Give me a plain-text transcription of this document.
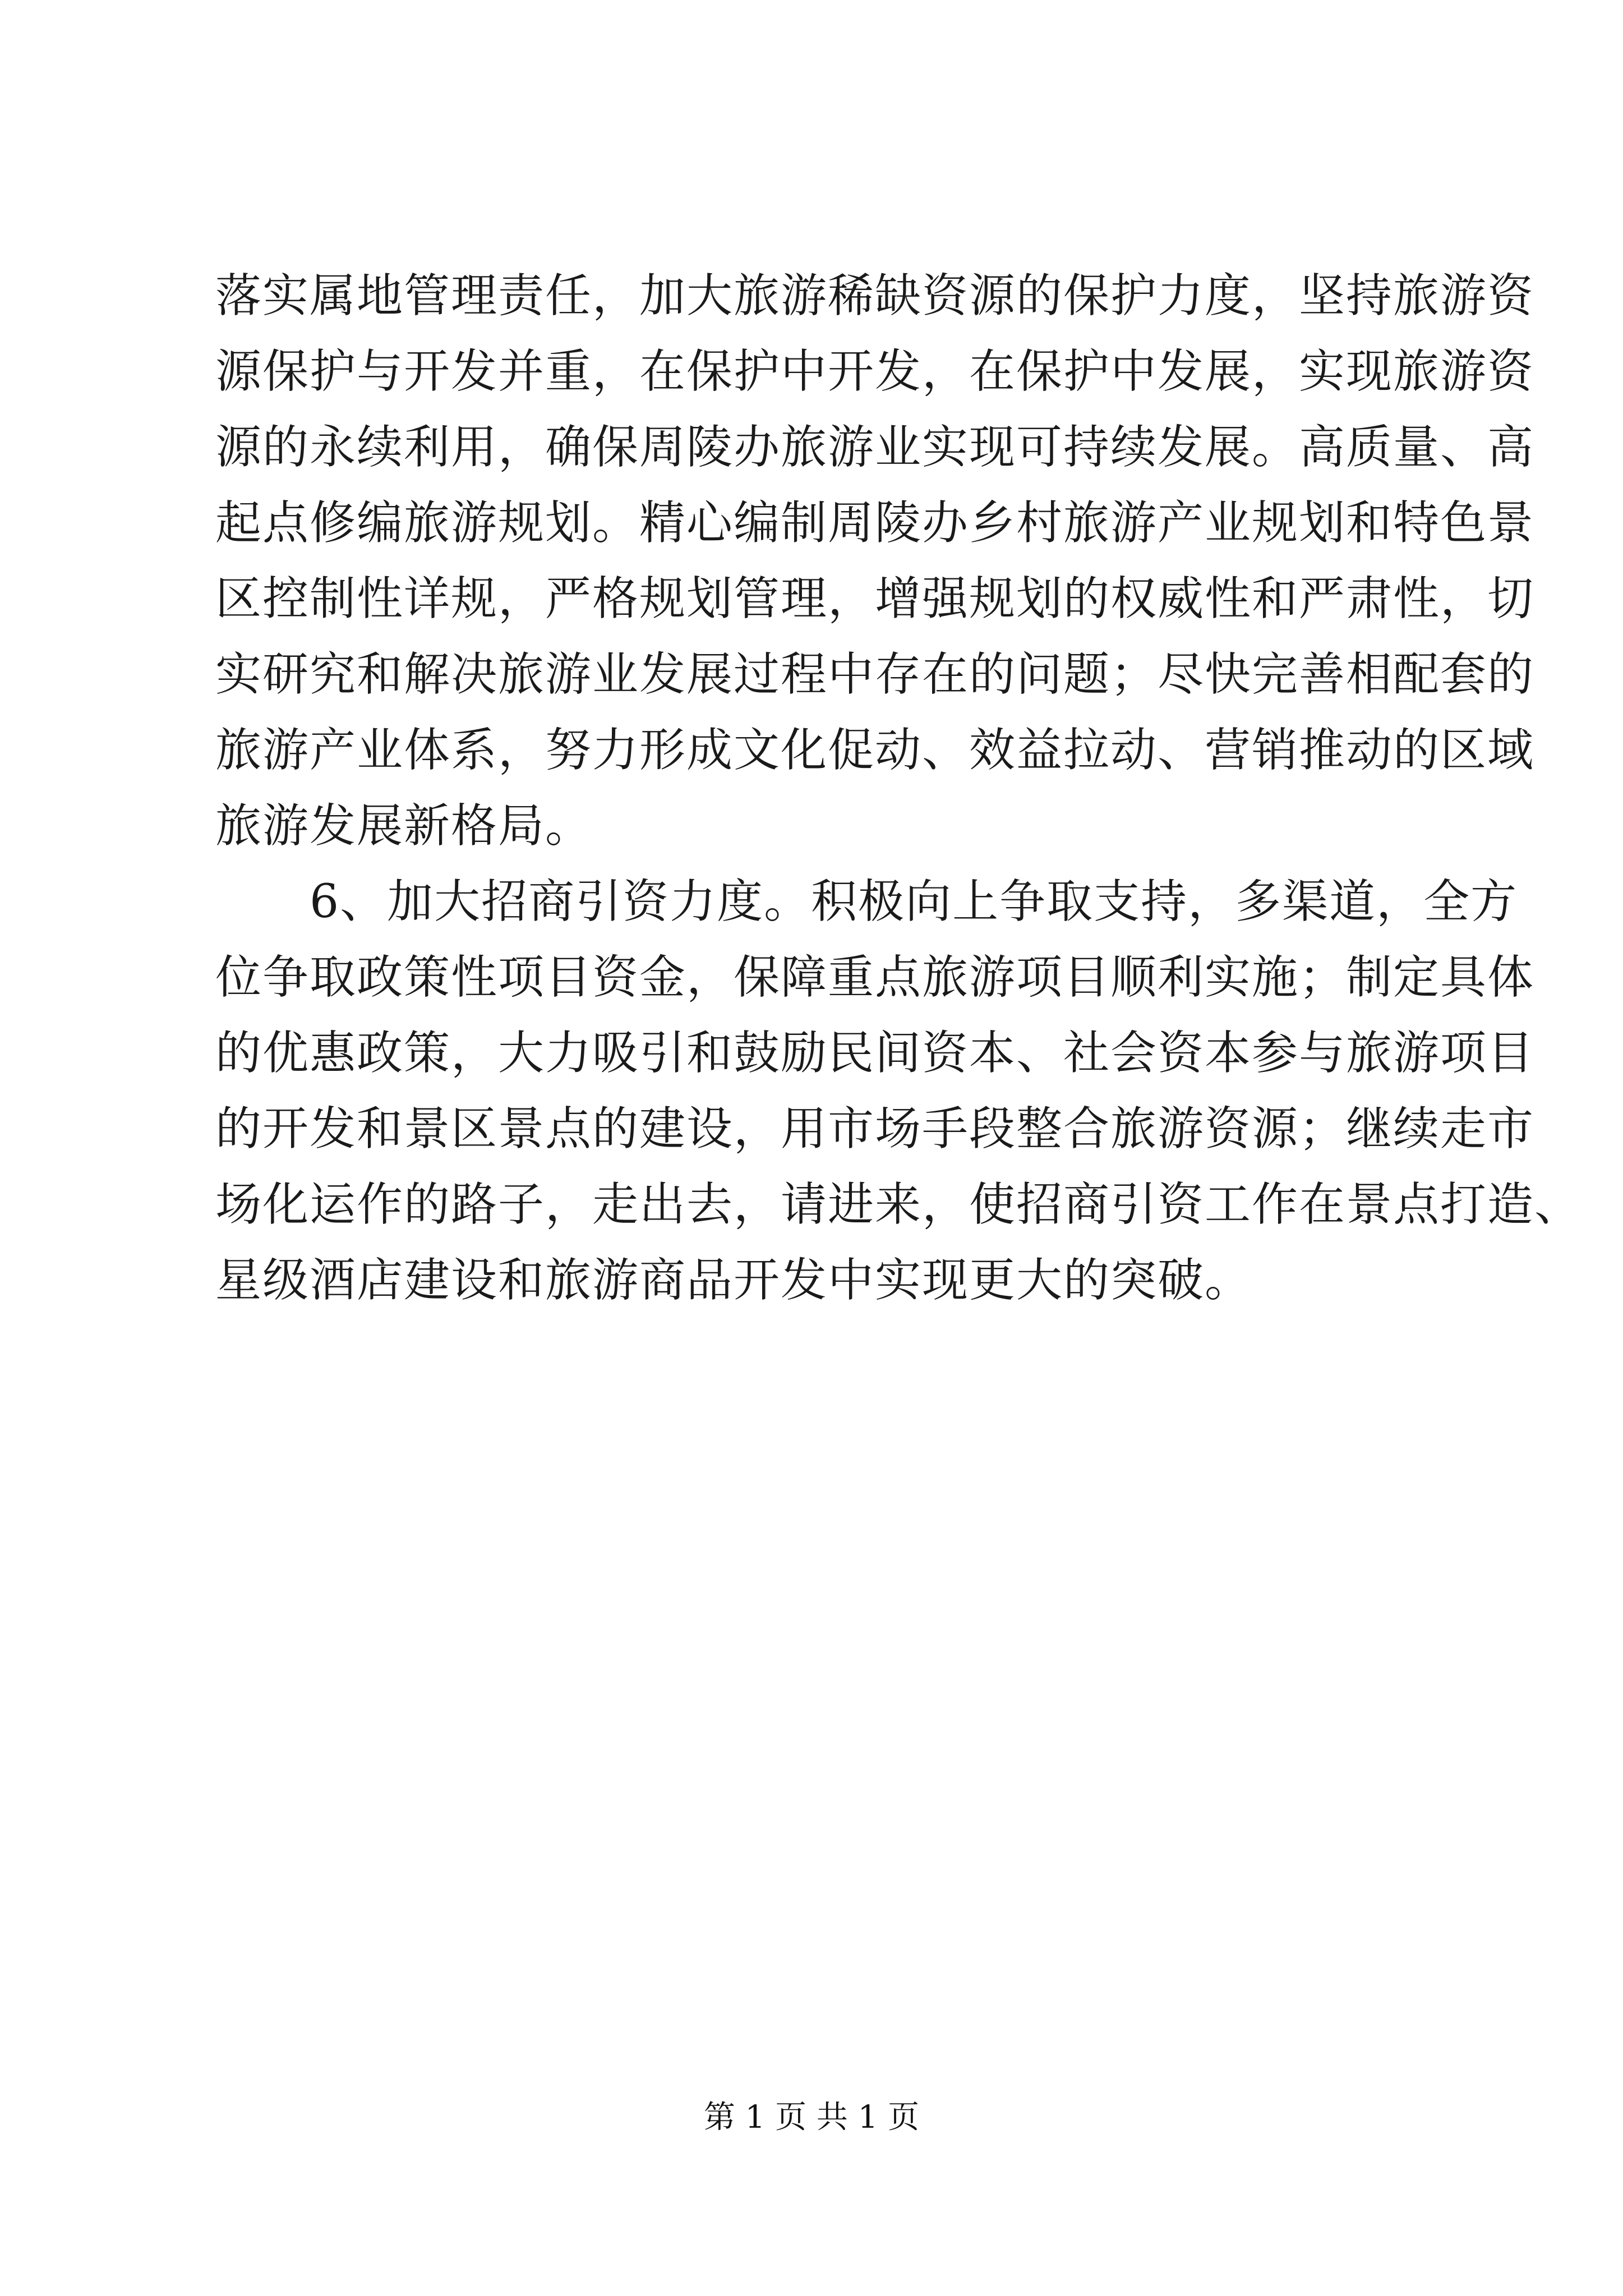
落实属地管理责任，加大旅游稀缺资源的保护力度，坚持旅游资
源保护与开发并重，在保护中开发，在保护中发展，实现旅游资
源的永续利用，确保周陵办旅游业实现可持续发展。高质量、高
起点修编旅游规划。精心编制周陵办乡村旅游产业规划和特色景
区控制性详规，严格规划管理，增强规划的权威性和严肃性，切
实研究和解决旅游业发展过程中存在的问题；尽快完善相配套的
旅游产业体系，努力形成文化促动、效益拉动、营销推动的区域
旅游发展新格局。
6、加大招商引资力度。积极向上争取支持，多渠道，全方
位争取政策性项目资金，保障重点旅游项目顺利实施；制定具体
的优惠政策，大力吸引和鼓励民间资本、社会资本参与旅游项目
的开发和景区景点的建设，用市场手段整合旅游资源；继续走市
场化运作的路子，走出去，请进来，使招商引资工作在景点打造、
星级酒店建设和旅游商品开发中实现更大的突破。
第 1 页 共 1 页
